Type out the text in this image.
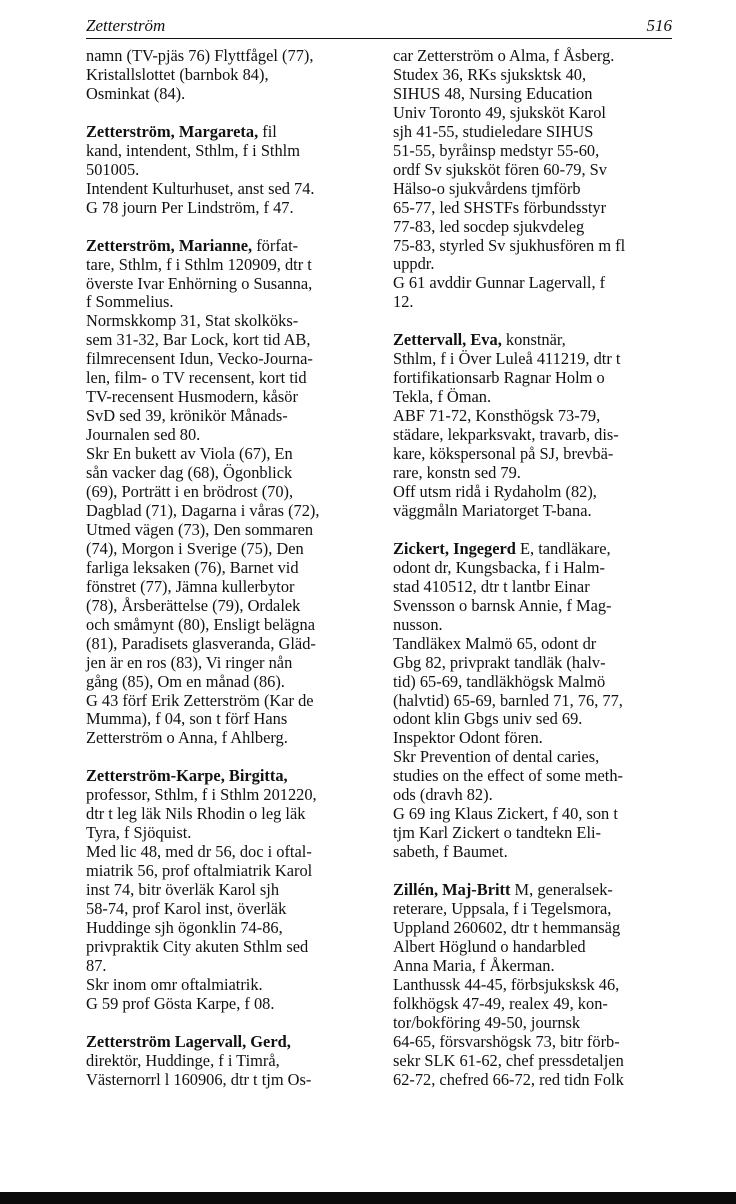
Zetterström	516

namn (TV-pjäs 76) Flyttfågel (77),
Kristallslottet (barnbok 84),
Osminkat (84).

Zetterström, Margareta, fil
kand, intendent, Sthlm, f i Sthlm
501005.
Intendent Kulturhuset, anst sed 74.
G 78 journ Per Lindström, f 47.

Zetterström, Marianne, förfat-
tare, Sthlm, f i Sthlm 120909, dtr t
överste Ivar Enhörning o Susanna,
f Sommelius.
Normskkomp 31, Stat skolköks-
sem 31-32, Bar Lock, kort tid AB,
filmrecensent Idun, Vecko-Journa-
len, film- o TV recensent, kort tid
TV-recensent Husmodern, kåsör
SvD sed 39, krönikör Månads-
Journalen sed 80.
Skr En bukett av Viola (67), En
sån vacker dag (68), Ögonblick
(69), Porträtt i en brödrost (70),
Dagblad (71), Dagarna i våras (72),
Utmed vägen (73), Den sommaren
(74), Morgon i Sverige (75), Den
farliga leksaken (76), Barnet vid
fönstret (77), Jämna kullerbytor
(78), Årsberättelse (79), Ordalek
och småmynt (80), Ensligt belägna
(81), Paradisets glasveranda, Gläd-
jen är en ros (83), Vi ringer nån
gång (85), Om en månad (86).
G 43 förf Erik Zetterström (Kar de
Mumma), f 04, son t förf Hans
Zetterström o Anna, f Ahlberg.

Zetterström-Karpe, Birgitta,
professor, Sthlm, f i Sthlm 201220,
dtr t leg läk Nils Rhodin o leg läk
Tyra, f Sjöquist.
Med lic 48, med dr 56, doc i oftal-
miatrik 56, prof oftalmiatrik Karol
inst 74, bitr överläk Karol sjh
58-74, prof Karol inst, överläk
Huddinge sjh ögonklin 74-86,
privpraktik City akuten Sthlm sed
87.
Skr inom omr oftalmiatrik.
G 59 prof Gösta Karpe, f 08.

Zetterström Lagervall, Gerd,
direktör, Huddinge, f i Timrå,
Västernorrl l 160906, dtr t tjm Os-

car Zetterström o Alma, f Åsberg.
Studex 36, RKs sjuksktsk 40,
SIHUS 48, Nursing Education
Univ Toronto 49, sjuksköt Karol
sjh 41-55, studieledare SIHUS
51-55, byråinsp medstyr 55-60,
ordf Sv sjuksköt fören 60-79, Sv
Hälso-o sjukvårdens tjmförb
65-77, led SHSTFs förbundsstyr
77-83, led socdep sjukvdeleg
75-83, styrled Sv sjukhusfören m fl
uppdr.
G 61 avddir Gunnar Lagervall, f
12.

Zettervall, Eva, konstnär,
Sthlm, f i Över Luleå 411219, dtr t
fortifikationsarb Ragnar Holm o
Tekla, f Öman.
ABF 71-72, Konsthögsk 73-79,
städare, lekparksvakt, travarb, dis-
kare, kökspersonal på SJ, brevbä-
rare, konstn sed 79.
Off utsm ridå i Rydaholm (82),
väggmåln Mariatorget T-bana.

Zickert, Ingegerd E, tandläkare,
odont dr, Kungsbacka, f i Halm-
stad 410512, dtr t lantbr Einar
Svensson o barnsk Annie, f Mag-
nusson.
Tandläkex Malmö 65, odont dr
Gbg 82, privprakt tandläk (halv-
tid) 65-69, tandläkhögsk Malmö
(halvtid) 65-69, barnled 71, 76, 77,
odont klin Gbgs univ sed 69.
Inspektor Odont fören.
Skr Prevention of dental caries,
studies on the effect of some meth-
ods (dravh 82).
G 69 ing Klaus Zickert, f 40, son t
tjm Karl Zickert o tandtekn Eli-
sabeth, f Baumet.

Zillén, Maj-Britt M, generalsek-
reterare, Uppsala, f i Tegelsmora,
Uppland 260602, dtr t hemmansäg
Albert Höglund o handarbled
Anna Maria, f Åkerman.
Lanthussk 44-45, förbsjuksksk 46,
folkhögsk 47-49, realex 49, kon-
tor/bokföring 49-50, journsk
64-65, försvarshögsk 73, bitr förb-
sekr SLK 61-62, chef pressdetaljen
62-72, chefred 66-72, red tidn Folk
